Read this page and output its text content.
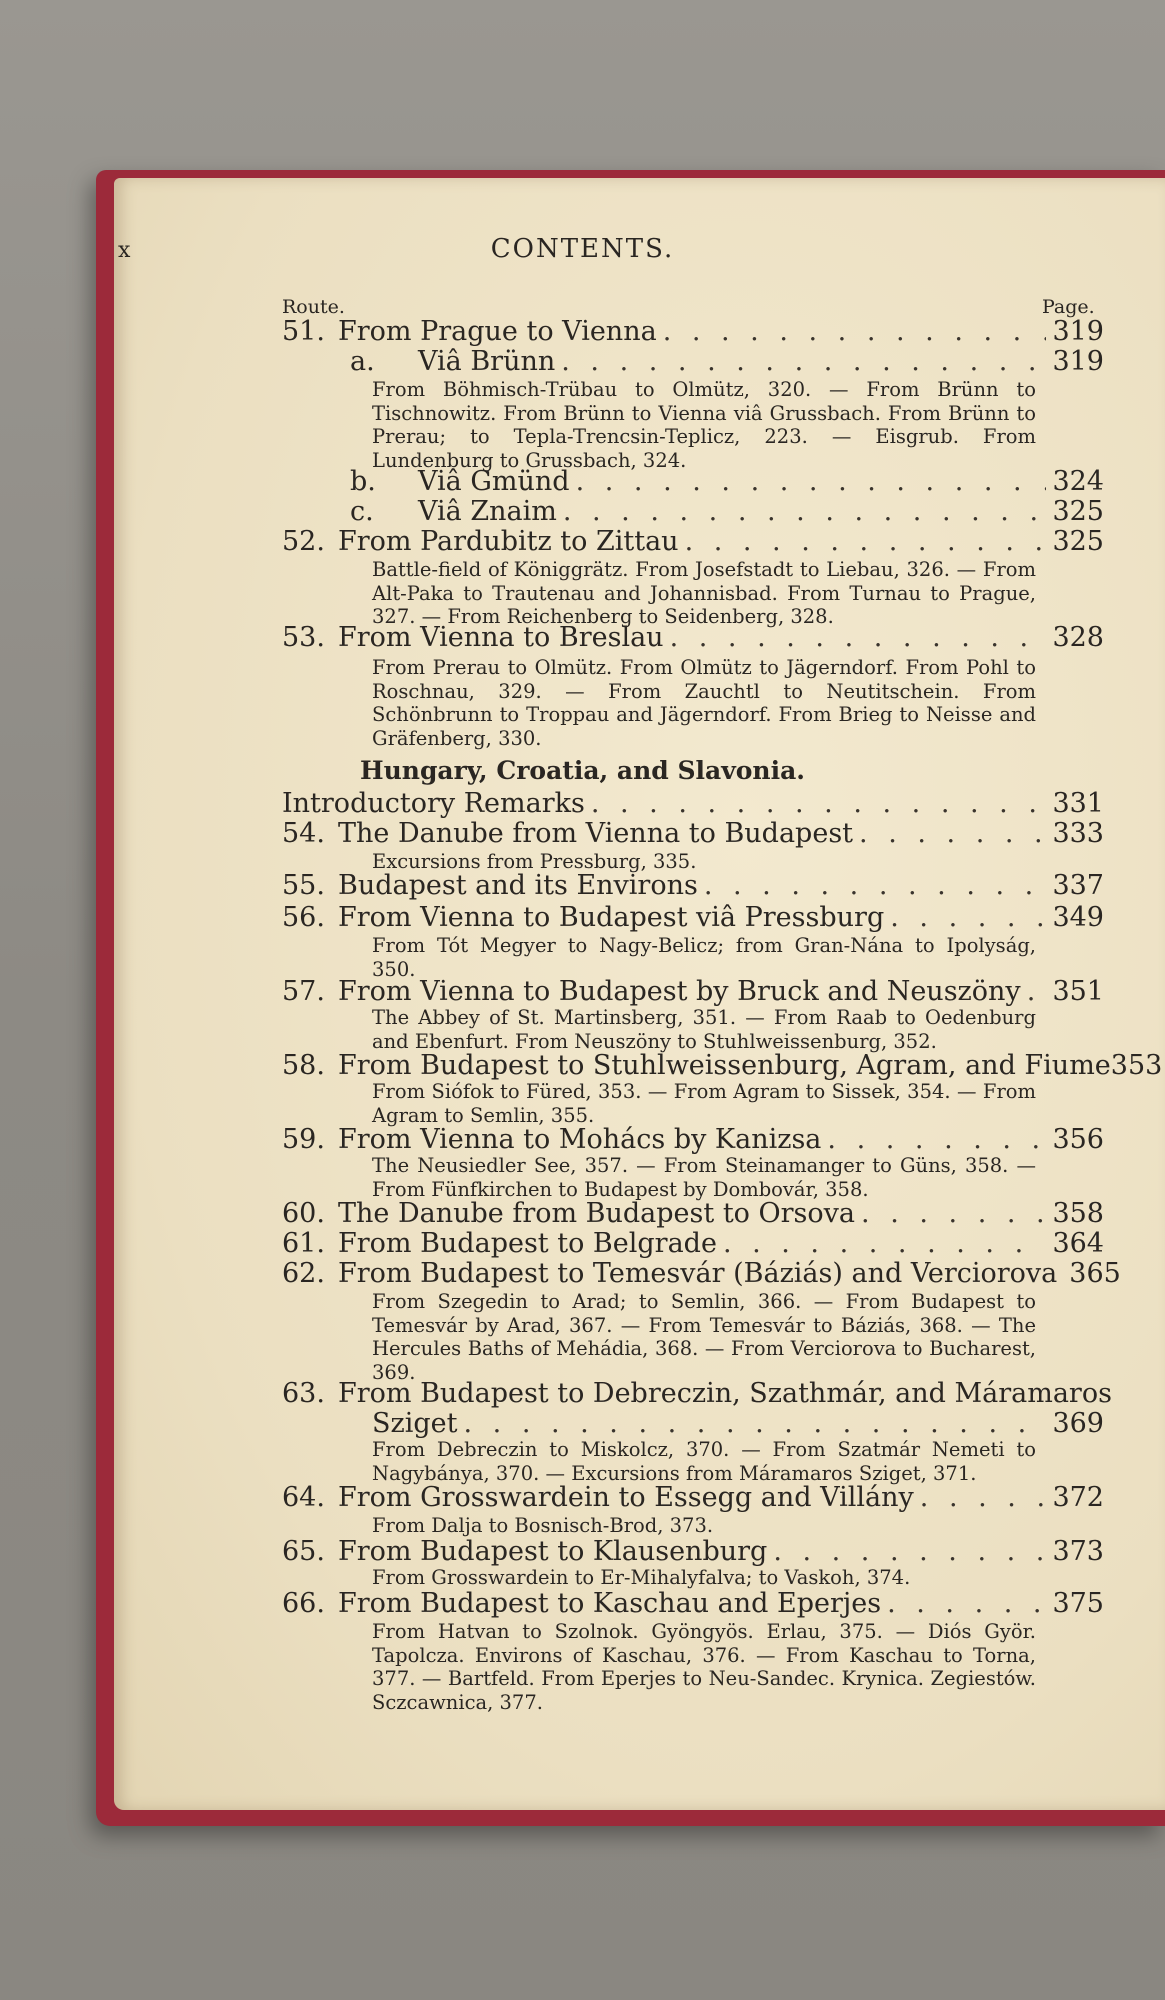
x	CONTENTS.
Route.	Page.
Hungary, Croatia, and Slavonia.
51. From Prague to Vienna . . .	319
a.	Viâ Brünn . . .	319
b.	Viâ Gmünd . . .	324
c.	Viâ Znaim . . .	325
52. From Pardubitz to Zittau . . .	325
53. From Vienna to Breslau . . .	328
Introductory Remarks . . .	331
54. The Danube from Vienna to Budapest . . .	333
55. Budapest and its Environs . . .	337
56. From Vienna to Budapest viâ Pressburg . . .	349
57. From Vienna to Budapest by Bruck and Neuszöny . . . 351
58. From Budapest to Stuhlweissenburg, Agram, and Fiume 353
59. From Vienna to Mohács by Kanizsa . . .	356
60. The Danube from Budapest to Orsova . . .	358
61. From Budapest to Belgrade . . .	364
62. From Budapest to Temesvár (Báziás) and Verciorova 365
63. From Budapest to Debreczin, Szathmár, and Máramaros
Sziget . . .	369
64. From Grosswardein to Essegg and Villány . . .	372
65. From Budapest to Klausenburg . . .	373
66. From Budapest to Kaschau and Eperjes . . .	375
From Böhmisch-Trübau to Olmütz, 320. — From Brünn to Tischnowitz. From Brünn to Vienna viâ Grussbach. From Brünn to Prerau; to Tepla-Trencsin-Teplicz, 223. — Eisgrub. From Lundenburg to Grussbach, 324.
Battle-field of Königgrätz. From Josefstadt to Liebau, 326. — From Alt-Paka to Trautenau and Johannisbad. From Turnau to Prague, 327. — From Reichenberg to Seidenberg, 328.
From Prerau to Olmütz. From Olmütz to Jägerndorf. From Pohl to Roschnau, 329. — From Zauchtl to Neutitschein. From Schönbrunn to Troppau and Jägerndorf. From Brieg to Neisse and Gräfenberg, 330.
Excursions from Pressburg, 335.
From Tót Megyer to Nagy-Belicz; from Gran-Nána to Ipolyság, 350.
The Abbey of St. Martinsberg, 351. — From Raab to Oedenburg and Ebenfurt. From Neuszöny to Stuhlweissenburg, 352.
From Siófok to Füred, 353. — From Agram to Sissek, 354. — From Agram to Semlin, 355.
The Neusiedler See, 357. — From Steinamanger to Güns, 358. — From Fünfkirchen to Budapest by Dombovár, 358.
From Szegedin to Arad; to Semlin, 366. — From Budapest to Temesvár by Arad, 367. — From Temesvár to Báziás, 368. — The Hercules Baths of Mehádia, 368. — From Verciorova to Bucharest, 369.
From Debreczin to Miskolcz, 370. — From Szatmár Nemeti to Nagybánya, 370. — Excursions from Máramaros Sziget, 371.
From Dalja to Bosnisch-Brod, 373.
From Grosswardein to Er-Mihalyfalva; to Vaskoh, 374.
From Hatvan to Szolnok. Gyöngyös. Erlau, 375. — Diós Györ. Tapolcza. Environs of Kaschau, 376. — From Kaschau to Torna, 377. — Bartfeld. From Eperjes to Neu-Sandec. Krynica. Zegiestów. Sczcawnica, 377.
